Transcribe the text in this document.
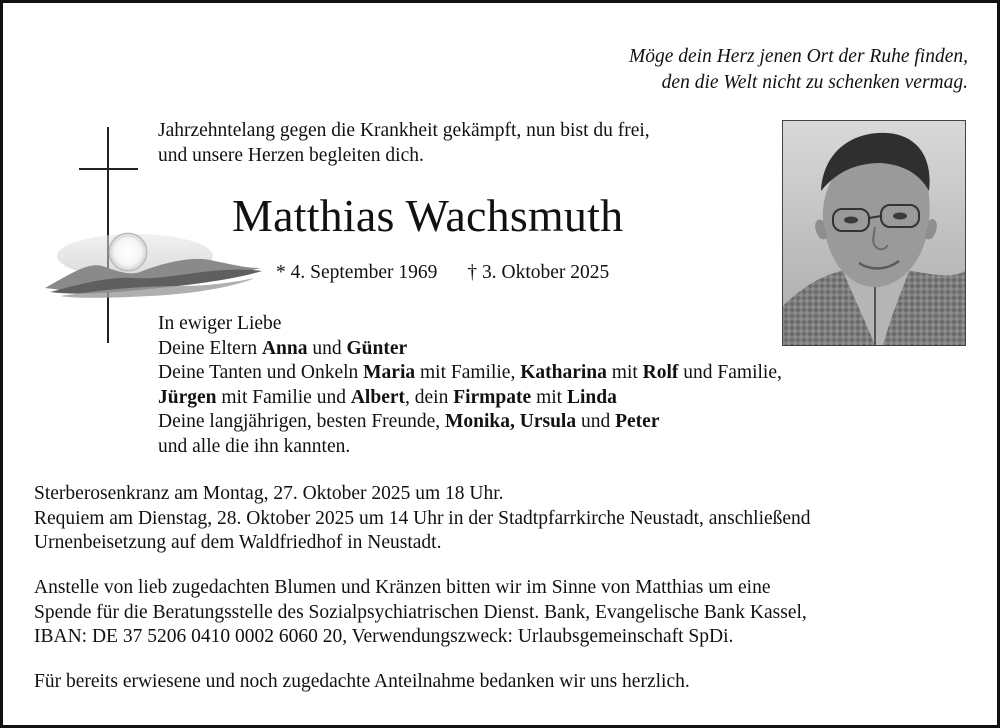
Möge dein Herz jenen Ort der Ruhe finden,
den die Welt nicht zu schenken vermag.
Jahrzehntelang gegen die Krankheit gekämpft, nun bist du frei,
und unsere Herzen begleiten dich.
Matthias Wachsmuth
* 4. September 1969 † 3. Oktober 2025
In ewiger Liebe
Deine Eltern Anna und Günter
Deine Tanten und Onkeln Maria mit Familie, Katharina mit Rolf und Familie,
Jürgen mit Familie und Albert, dein Firmpate mit Linda
Deine langjährigen, besten Freunde, Monika, Ursula und Peter
und alle die ihn kannten.
Sterberosenkranz am Montag, 27. Oktober 2025 um 18 Uhr.
Requiem am Dienstag, 28. Oktober 2025 um 14 Uhr in der Stadtpfarrkirche Neustadt, anschließend
Urnenbeisetzung auf dem Waldfriedhof in Neustadt.
Anstelle von lieb zugedachten Blumen und Kränzen bitten wir im Sinne von Matthias um eine
Spende für die Beratungsstelle des Sozialpsychiatrischen Dienst. Bank, Evangelische Bank Kassel,
IBAN: DE 37 5206 0410 0002 6060 20, Verwendungszweck: Urlaubsgemeinschaft SpDi.
Für bereits erwiesene und noch zugedachte Anteilnahme bedanken wir uns herzlich.
